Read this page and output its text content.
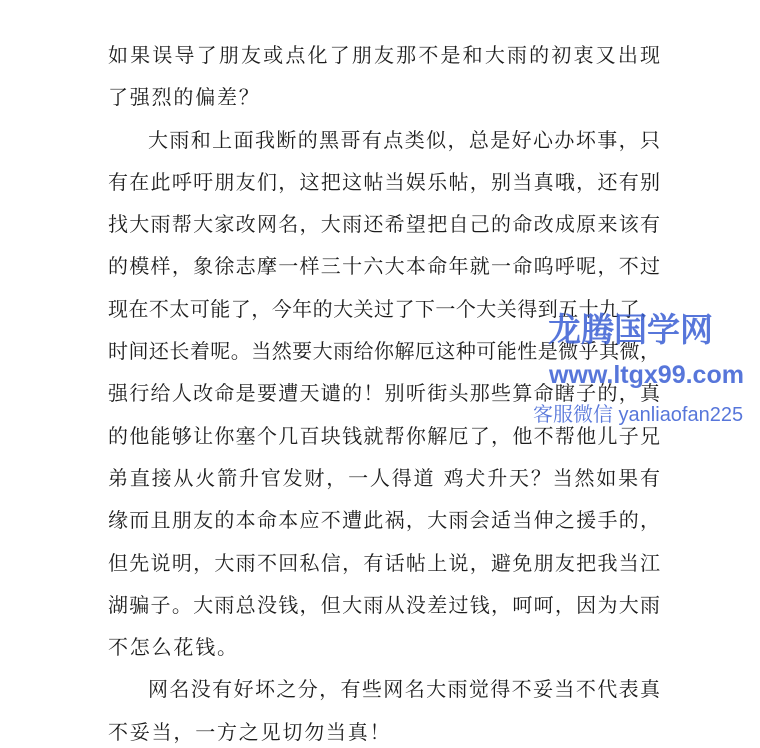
如果误导了朋友或点化了朋友那不是和大雨的初衷又出现
了强烈的偏差？
大雨和上面我断的黑哥有点类似，总是好心办坏事，只
有在此呼吁朋友们，这把这帖当娱乐帖，别当真哦，还有别
找大雨帮大家改网名，大雨还希望把自己的命改成原来该有
的模样，象徐志摩一样三十六大本命年就一命呜呼呢，不过
现在不太可能了，今年的大关过了下一个大关得到五十九了，
时间还长着呢。当然要大雨给你解厄这种可能性是微乎其微，
强行给人改命是要遭天谴的！别听街头那些算命瞎子的，真
的他能够让你塞个几百块钱就帮你解厄了，他不帮他儿子兄
弟直接从火箭升官发财，一人得道 鸡犬升天？当然如果有
缘而且朋友的本命本应不遭此祸，大雨会适当伸之援手的，
但先说明，大雨不回私信，有话帖上说，避免朋友把我当江
湖骗子。大雨总没钱，但大雨从没差过钱，呵呵，因为大雨
不怎么花钱。
网名没有好坏之分，有些网名大雨觉得不妥当不代表真
不妥当，一方之见切勿当真！
龙腾国学网
www.ltgx99.com
客服微信 yanliaofan225
